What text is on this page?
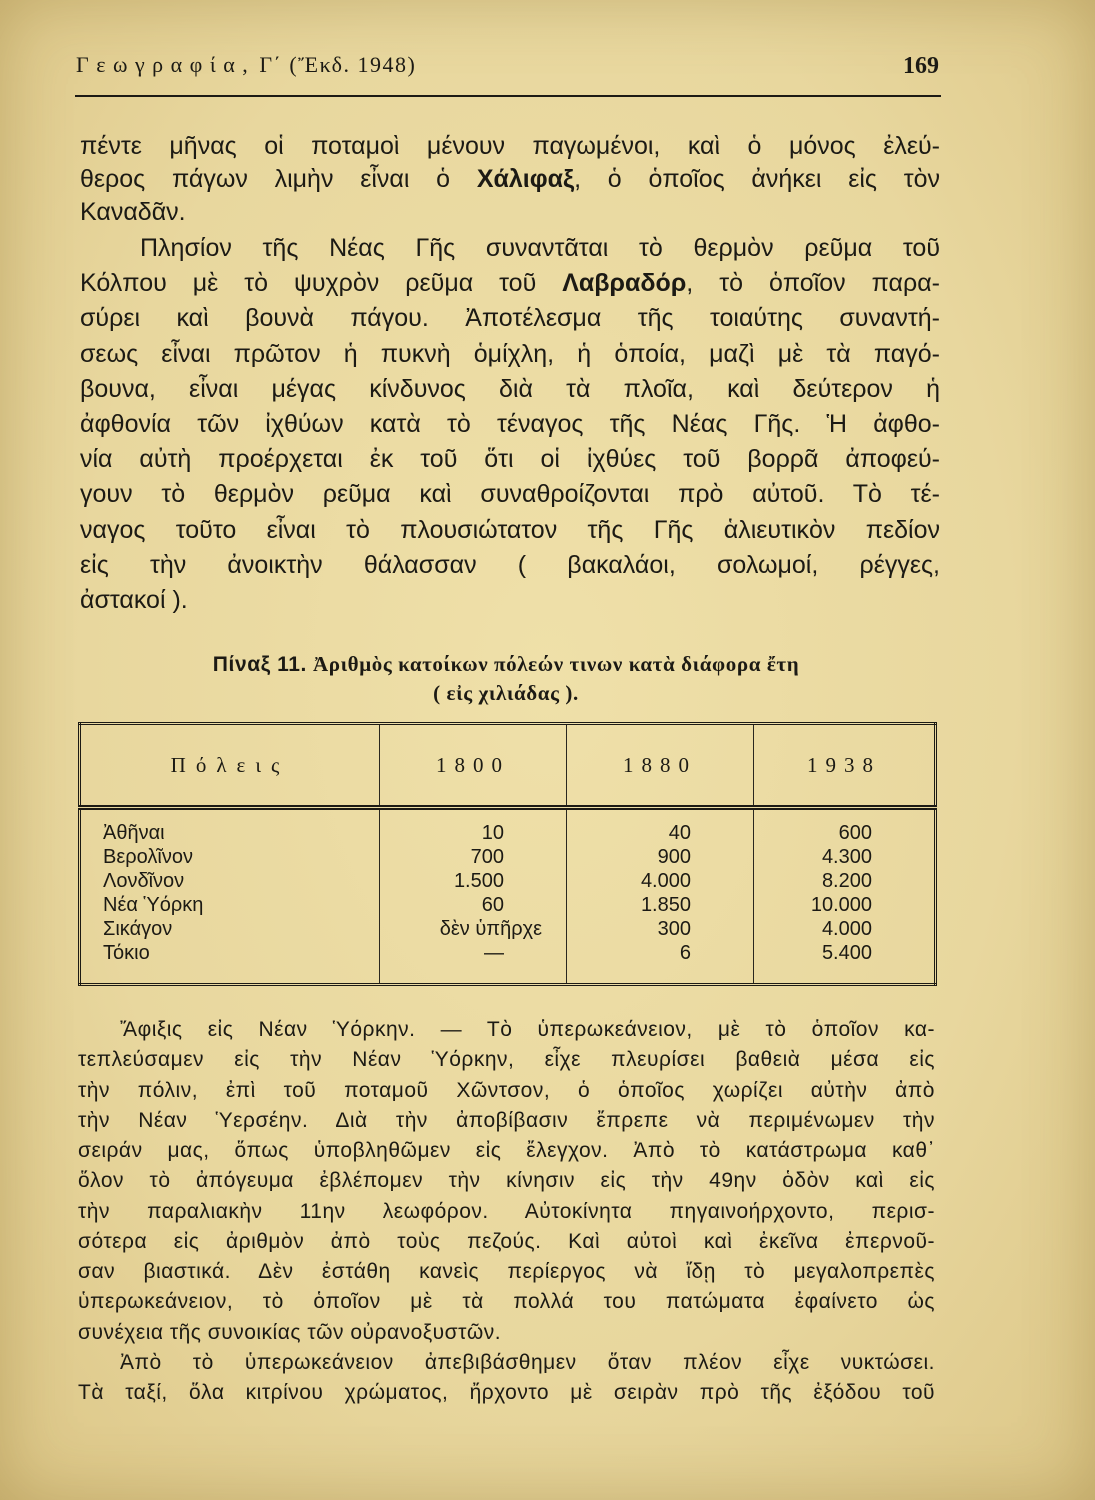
Γεωγραφία, Γ΄ (Ἔκδ. 1948)	169
πέντε μῆνας οἱ ποταμοὶ μένουν παγωμένοι, καὶ ὁ μόνος ἐλεύ-
θερος πάγων λιμὴν εἶναι ὁ Χάλιφαξ, ὁ ὁποῖος ἀνήκει εἰς τὸν
Καναδᾶν.
Πλησίον τῆς Νέας Γῆς συναντᾶται τὸ θερμὸν ρεῦμα τοῦ
Κόλπου μὲ τὸ ψυχρὸν ρεῦμα τοῦ Λαβραδόρ, τὸ ὁποῖον παρα-
σύρει καὶ βουνὰ πάγου. Ἀποτέλεσμα τῆς τοιαύτης συναντή-
σεως εἶναι πρῶτον ἡ πυκνὴ ὁμίχλη, ἡ ὁποία, μαζὶ μὲ τὰ παγό-
βουνα, εἶναι μέγας κίνδυνος διὰ τὰ πλοῖα, καὶ δεύτερον ἡ
ἀφθονία τῶν ἰχθύων κατὰ τὸ τέναγος τῆς Νέας Γῆς. Ἡ ἀφθο-
νία αὐτὴ προέρχεται ἐκ τοῦ ὅτι οἱ ἰχθύες τοῦ βορρᾶ ἀποφεύ-
γουν τὸ θερμὸν ρεῦμα καὶ συναθροίζονται πρὸ αὐτοῦ. Τὸ τέ-
ναγος τοῦτο εἶναι τὸ πλουσιώτατον τῆς Γῆς ἁλιευτικὸν πεδίον
εἰς τὴν ἀνοικτὴν θάλασσαν ( βακαλάοι, σολωμοί, ρέγγες,
ἀστακοί ).
Πίναξ 11. Ἀριθμὸς κατοίκων πόλεών τινων κατὰ διάφορα ἔτη
( εἰς χιλιάδας ).
Πόλεις	1800	1880	1938
Ἀθῆναι	10	40	600
Βερολῖνον	700	900	4.300
Λονδῖνον	1.500	4.000	8.200
Νέα Ὑόρκη	60	1.850	10.000
Σικάγον	δὲν ὑπῆρχε	300	4.000
Τόκιο	—	6	5.400
Ἄφιξις εἰς Νέαν Ὑόρκην. — Τὸ ὑπερωκεάνειον, μὲ τὸ ὁποῖον κα-
τεπλεύσαμεν εἰς τὴν Νέαν Ὑόρκην, εἶχε πλευρίσει βαθειὰ μέσα εἰς
τὴν πόλιν, ἐπὶ τοῦ ποταμοῦ Χῶντσον, ὁ ὁποῖος χωρίζει αὐτὴν ἀπὸ
τὴν Νέαν Ὑερσέην. Διὰ τὴν ἀποβίβασιν ἔπρεπε νὰ περιμένωμεν τὴν
σειράν μας, ὅπως ὑποβληθῶμεν εἰς ἔλεγχον. Ἀπὸ τὸ κατάστρωμα καθ᾽
ὅλον τὸ ἀπόγευμα ἐβλέπομεν τὴν κίνησιν εἰς τὴν 49ην ὁδὸν καὶ εἰς
τὴν παραλιακὴν 11ην λεωφόρον. Αὐτοκίνητα πηγαινοήρχοντο, περισ-
σότερα εἰς ἀριθμὸν ἀπὸ τοὺς πεζούς. Καὶ αὐτοὶ καὶ ἐκεῖνα ἐπερνοῦ-
σαν βιαστικά. Δὲν ἐστάθη κανεὶς περίεργος νὰ ἴδῃ τὸ μεγαλοπρεπὲς
ὑπερωκεάνειον, τὸ ὁποῖον μὲ τὰ πολλά του πατώματα ἐφαίνετο ὡς
συνέχεια τῆς συνοικίας τῶν οὐρανοξυστῶν.
Ἀπὸ τὸ ὑπερωκεάνειον ἀπεβιβάσθημεν ὅταν πλέον εἶχε νυκτώσει.
Τὰ ταξί, ὅλα κιτρίνου χρώματος, ἤρχοντο μὲ σειρὰν πρὸ τῆς ἐξόδου τοῦ
